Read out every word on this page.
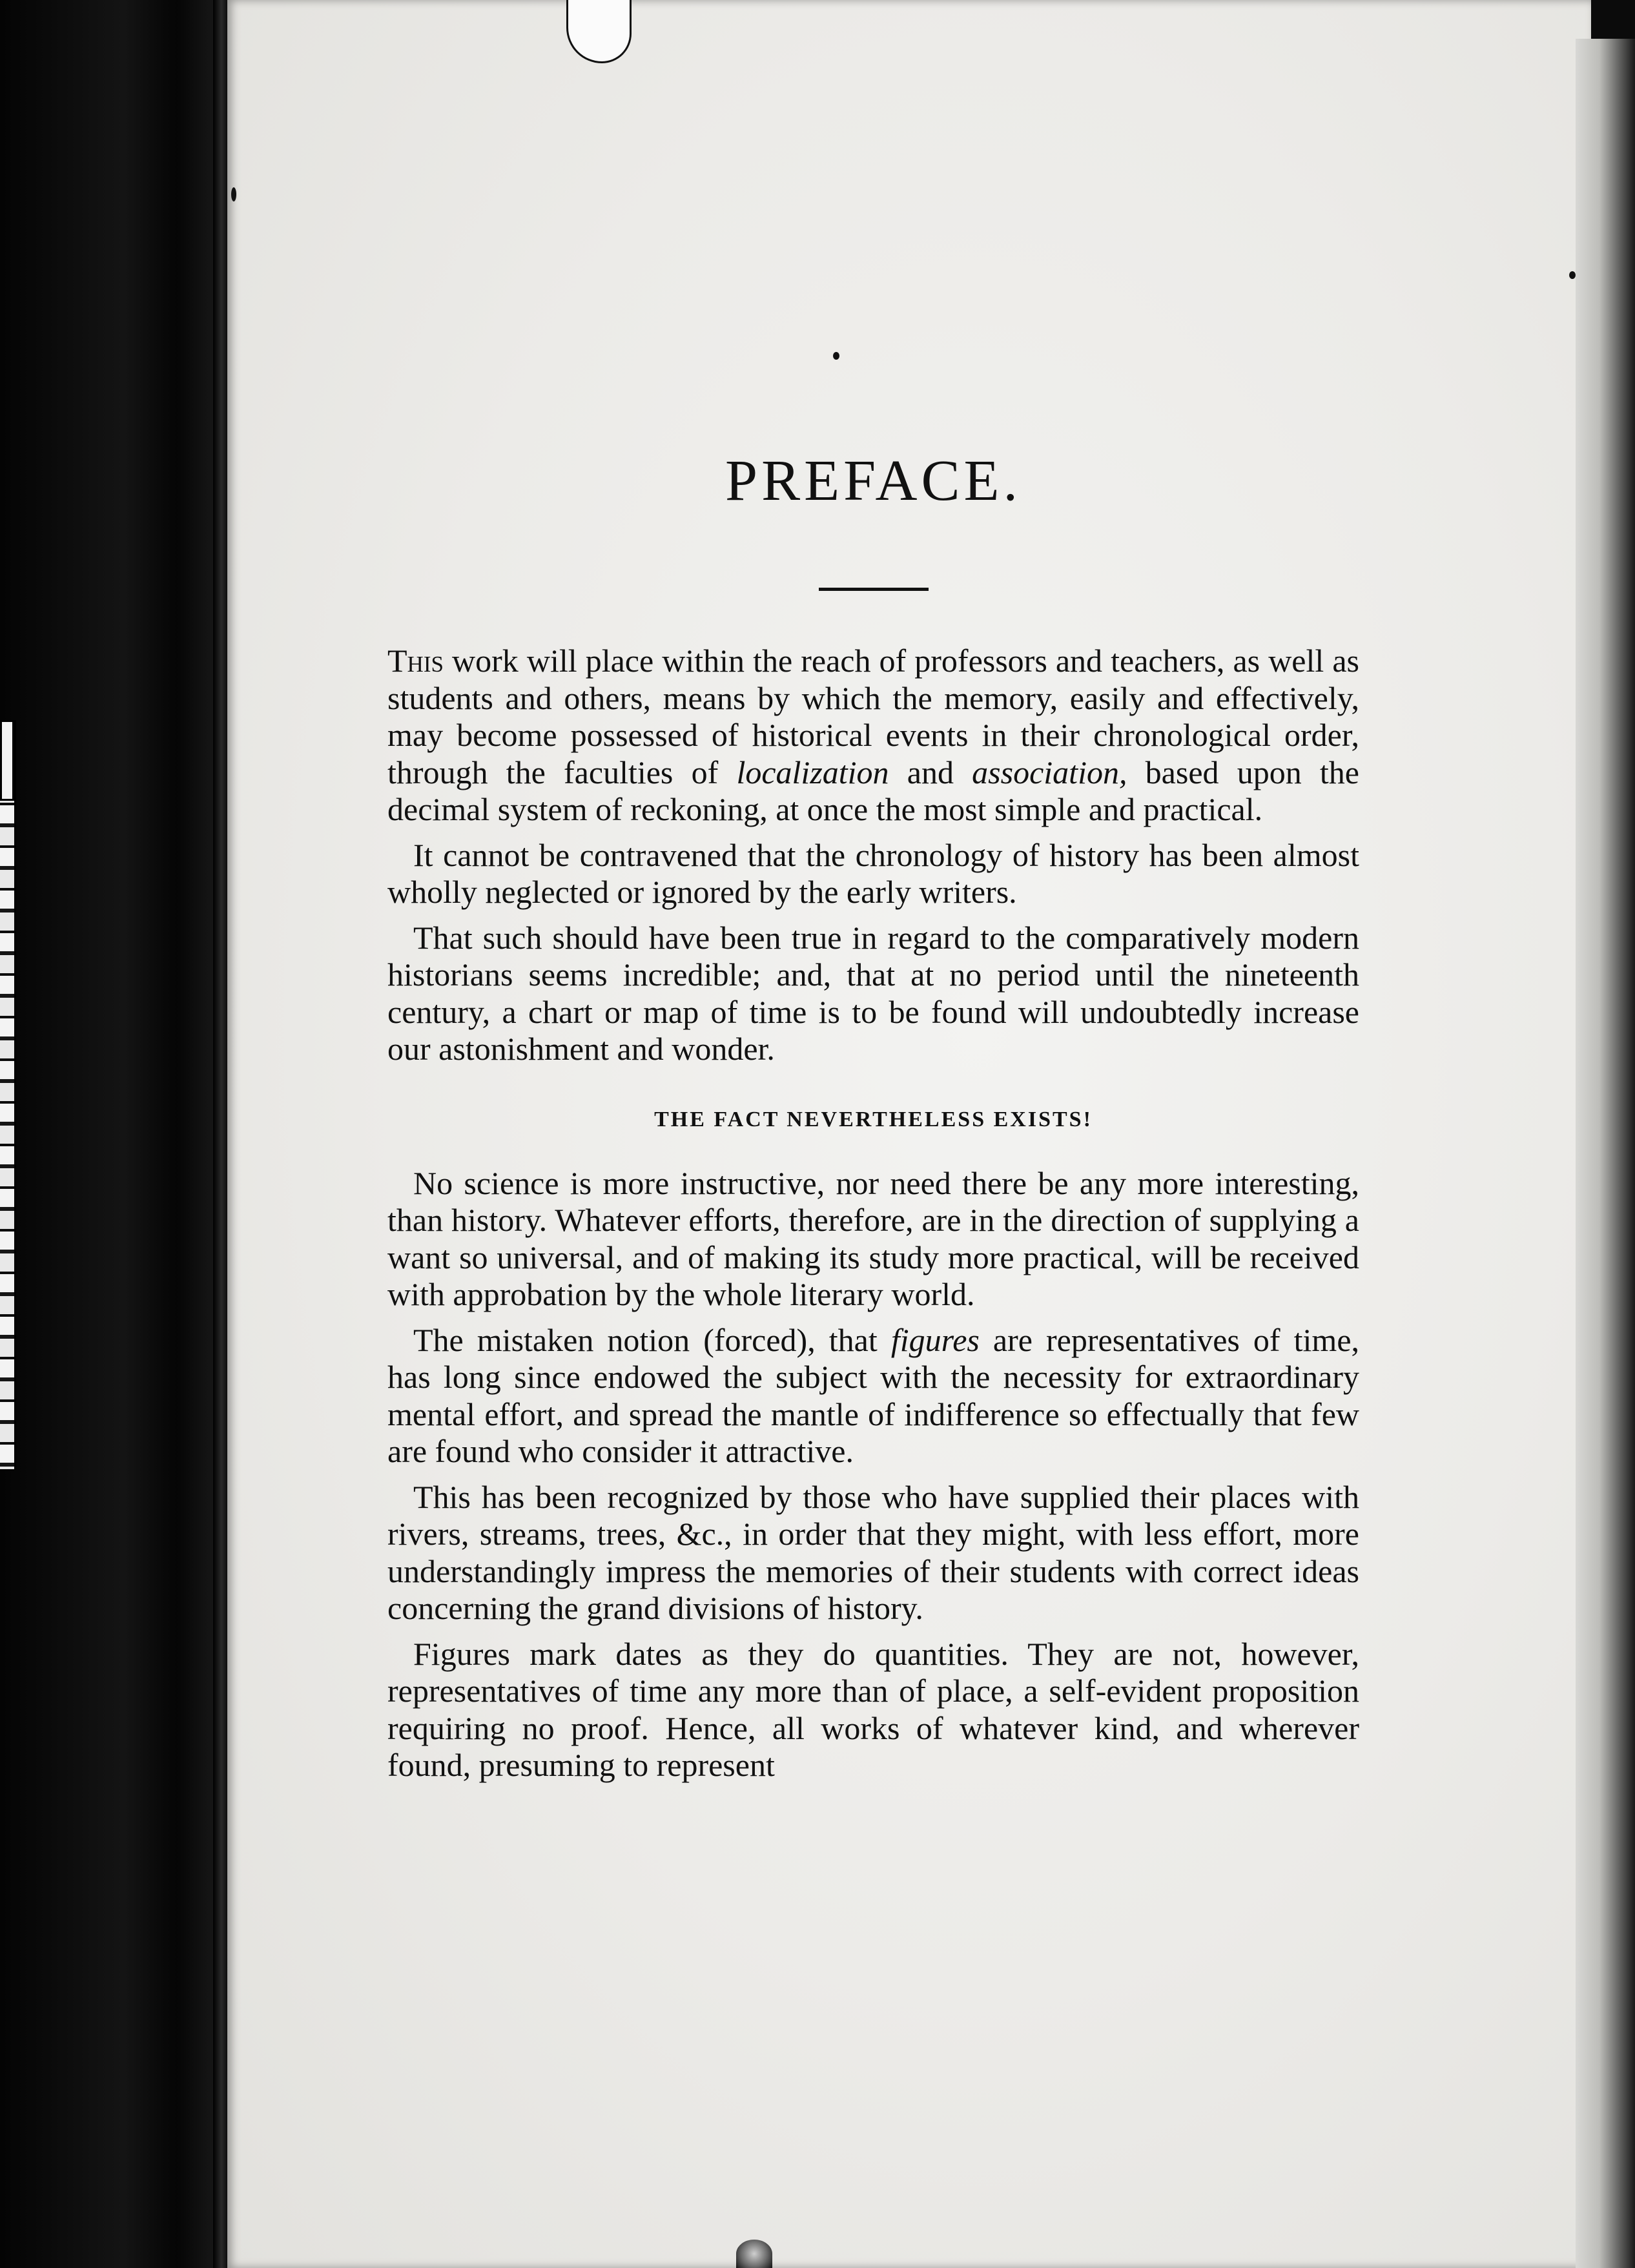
PREFACE.

This work will place within the reach of professors and teachers, as well as students and others, means by which the memory, easily and effectively, may become possessed of historical events in their chronological order, through the faculties of localization and association, based upon the decimal system of reckoning, at once the most simple and practical.

It cannot be contravened that the chronology of history has been almost wholly neglected or ignored by the early writers.

That such should have been true in regard to the comparatively modern historians seems incredible; and, that at no period until the nineteenth century, a chart or map of time is to be found will undoubtedly increase our astonishment and wonder.

THE FACT NEVERTHELESS EXISTS!

No science is more instructive, nor need there be any more interesting, than history. Whatever efforts, therefore, are in the direction of supplying a want so universal, and of making its study more practical, will be received with approbation by the whole literary world.

The mistaken notion (forced), that figures are representatives of time, has long since endowed the subject with the necessity for extraordinary mental effort, and spread the mantle of indifference so effectually that few are found who consider it attractive.

This has been recognized by those who have supplied their places with rivers, streams, trees, &c., in order that they might, with less effort, more understandingly impress the memories of their students with correct ideas concerning the grand divisions of history.

Figures mark dates as they do quantities. They are not, however, representatives of time any more than of place, a self-evident proposition requiring no proof. Hence, all works of whatever kind, and wherever found, presuming to represent
